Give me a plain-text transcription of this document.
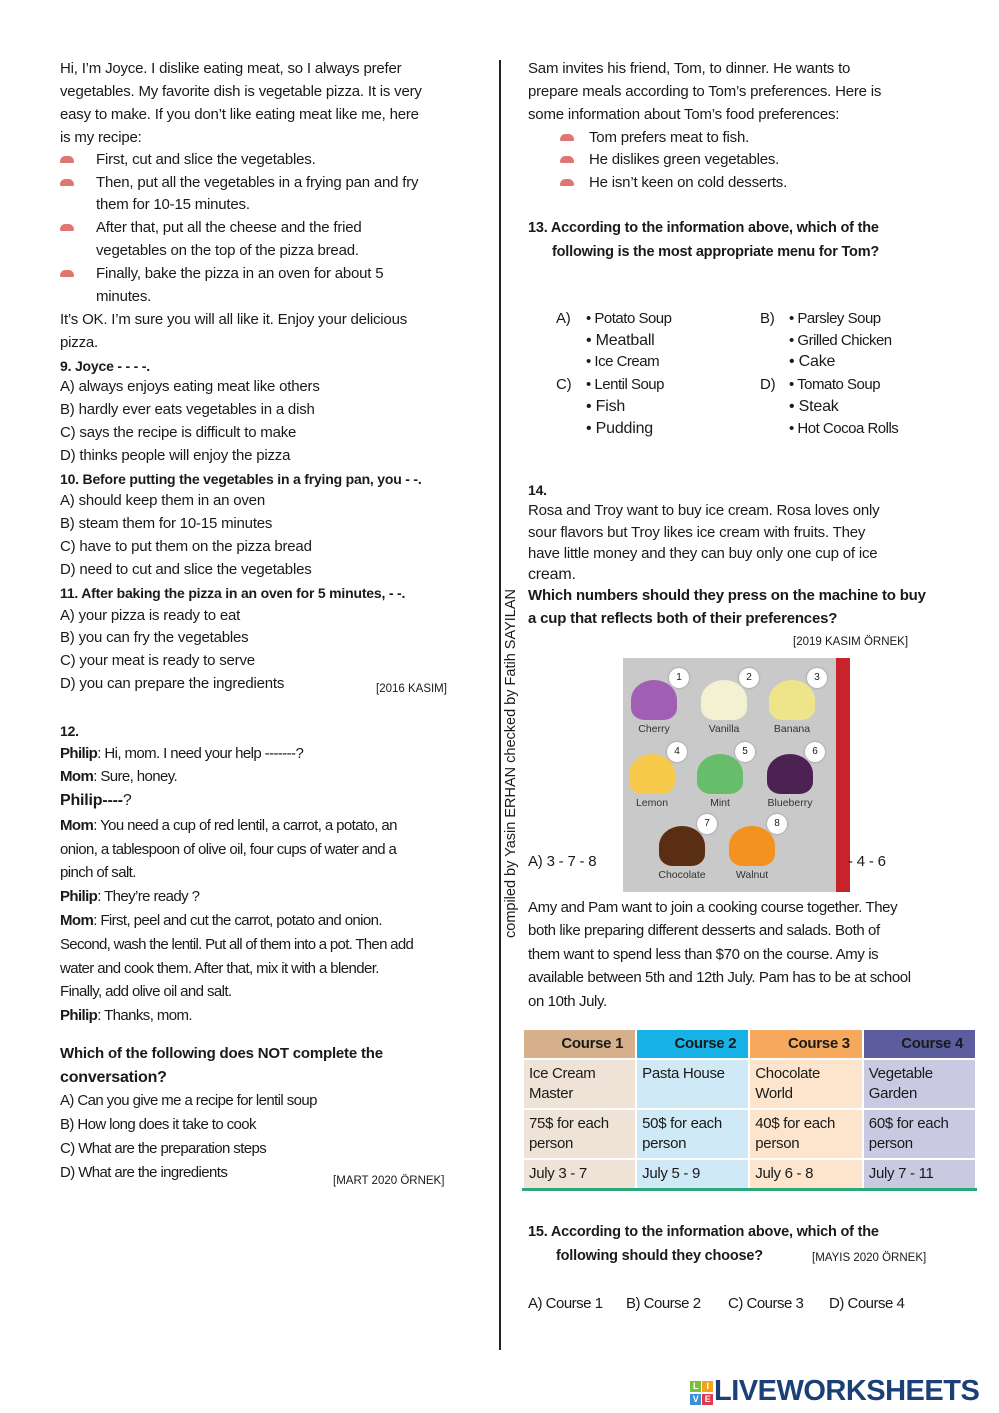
Hi, I’m Joyce. I dislike eating meat, so I always prefer
vegetables. My favorite dish is vegetable pizza. It is very
easy to make. If you don’t like eating meat like me, here
is my recipe:
First, cut and slice the vegetables.
Then, put all the vegetables in a frying pan and fry
them for 10-15 minutes.
After that, put all the cheese and the fried
vegetables on the top of the pizza bread.
Finally, bake the pizza in an oven for about 5
minutes.
It’s OK. I’m sure you will all like it. Enjoy your delicious
pizza.
9. Joyce - - - -.
A) always enjoys eating meat like others
B) hardly ever eats vegetables in a dish
C) says the recipe is difficult to make
D) thinks people will enjoy the pizza
10. Before putting the vegetables in a frying pan, you - -.
A) should keep them in an oven
B) steam them for 10-15 minutes
C) have to put them on the pizza bread
D) need to cut and slice the vegetables
11. After baking the pizza in an oven for 5 minutes, - -.
A) your pizza is ready to eat
B) you can fry the vegetables
C) your meat is ready to serve
D) you can prepare the ingredients	[2016 KASIM]
12.
Philip: Hi, mom. I need your help -------?
Mom: Sure, honey.
Philip----?
Mom: You need a cup of red lentil, a carrot, a potato, an
onion, a tablespoon of olive oil, four cups of water and a
pinch of salt.
Philip: They’re ready ?
Mom: First, peel and cut the carrot, potato and onion.
Second, wash the lentil. Put all of them into a pot. Then add
water and cook them. After that, mix it with a blender.
Finally, add olive oil and salt.
Philip: Thanks, mom.
Which of the following does NOT complete the
conversation?
A) Can you give me a recipe for lentil soup
B) How long does it take to cook
C) What are the preparation steps
D) What are the ingredients	[MART 2020 ÖRNEK]
compiled by Yasin ERHAN checked by Fatih SAYILAN
Sam invites his friend, Tom, to dinner. He wants to
prepare meals according to Tom’s preferences. Here is
some information about Tom’s food preferences:
Tom prefers meat to fish.
He dislikes green vegetables.
He isn’t keen on cold desserts.
13. According to the information above, which of the
following is the most appropriate menu for Tom?
A) • Potato Soup
• Meatball
• Ice Cream
B) • Parsley Soup
• Grilled Chicken
• Cake
C) • Lentil Soup
• Fish
• Pudding
D) • Tomato Soup
• Steak
• Hot Cocoa Rolls
14.
Rosa and Troy want to buy ice cream. Rosa loves only
sour flavors but Troy likes ice cream with fruits. They
have little money and they can buy only one cup of ice
cream.
Which numbers should they press on the machine to buy
a cup that reflects both of their preferences?
[2019 KASIM ÖRNEK]
1
Cherry
2
Vanilla
3
Banana
4
Lemon
5
Mint
6
Blueberry
7
Chocolate
8
Walnut
A) 3 - 7 - 8	- 4 - 6
Amy and Pam want to join a cooking course together. They
both like preparing different desserts and salads. Both of
them want to spend less than $70 on the course. Amy is
available between 5th and 12th July. Pam has to be at school
on 10th July.
Course 1	Course 2	Course 3	Course 4
Ice Cream Master	Pasta House	Chocolate World	Vegetable Garden
75$ for each person	50$ for each person	40$ for each person	60$ for each person
July 3 - 7	July 5 - 9	July 6 - 8	July 7 - 11
15. According to the information above, which of the
following should they choose?	[MAYIS 2020 ÖRNEK]
A) Course 1 B) Course 2 C) Course 3 D) Course 4
L IV E LIVEWORKSHEETS
